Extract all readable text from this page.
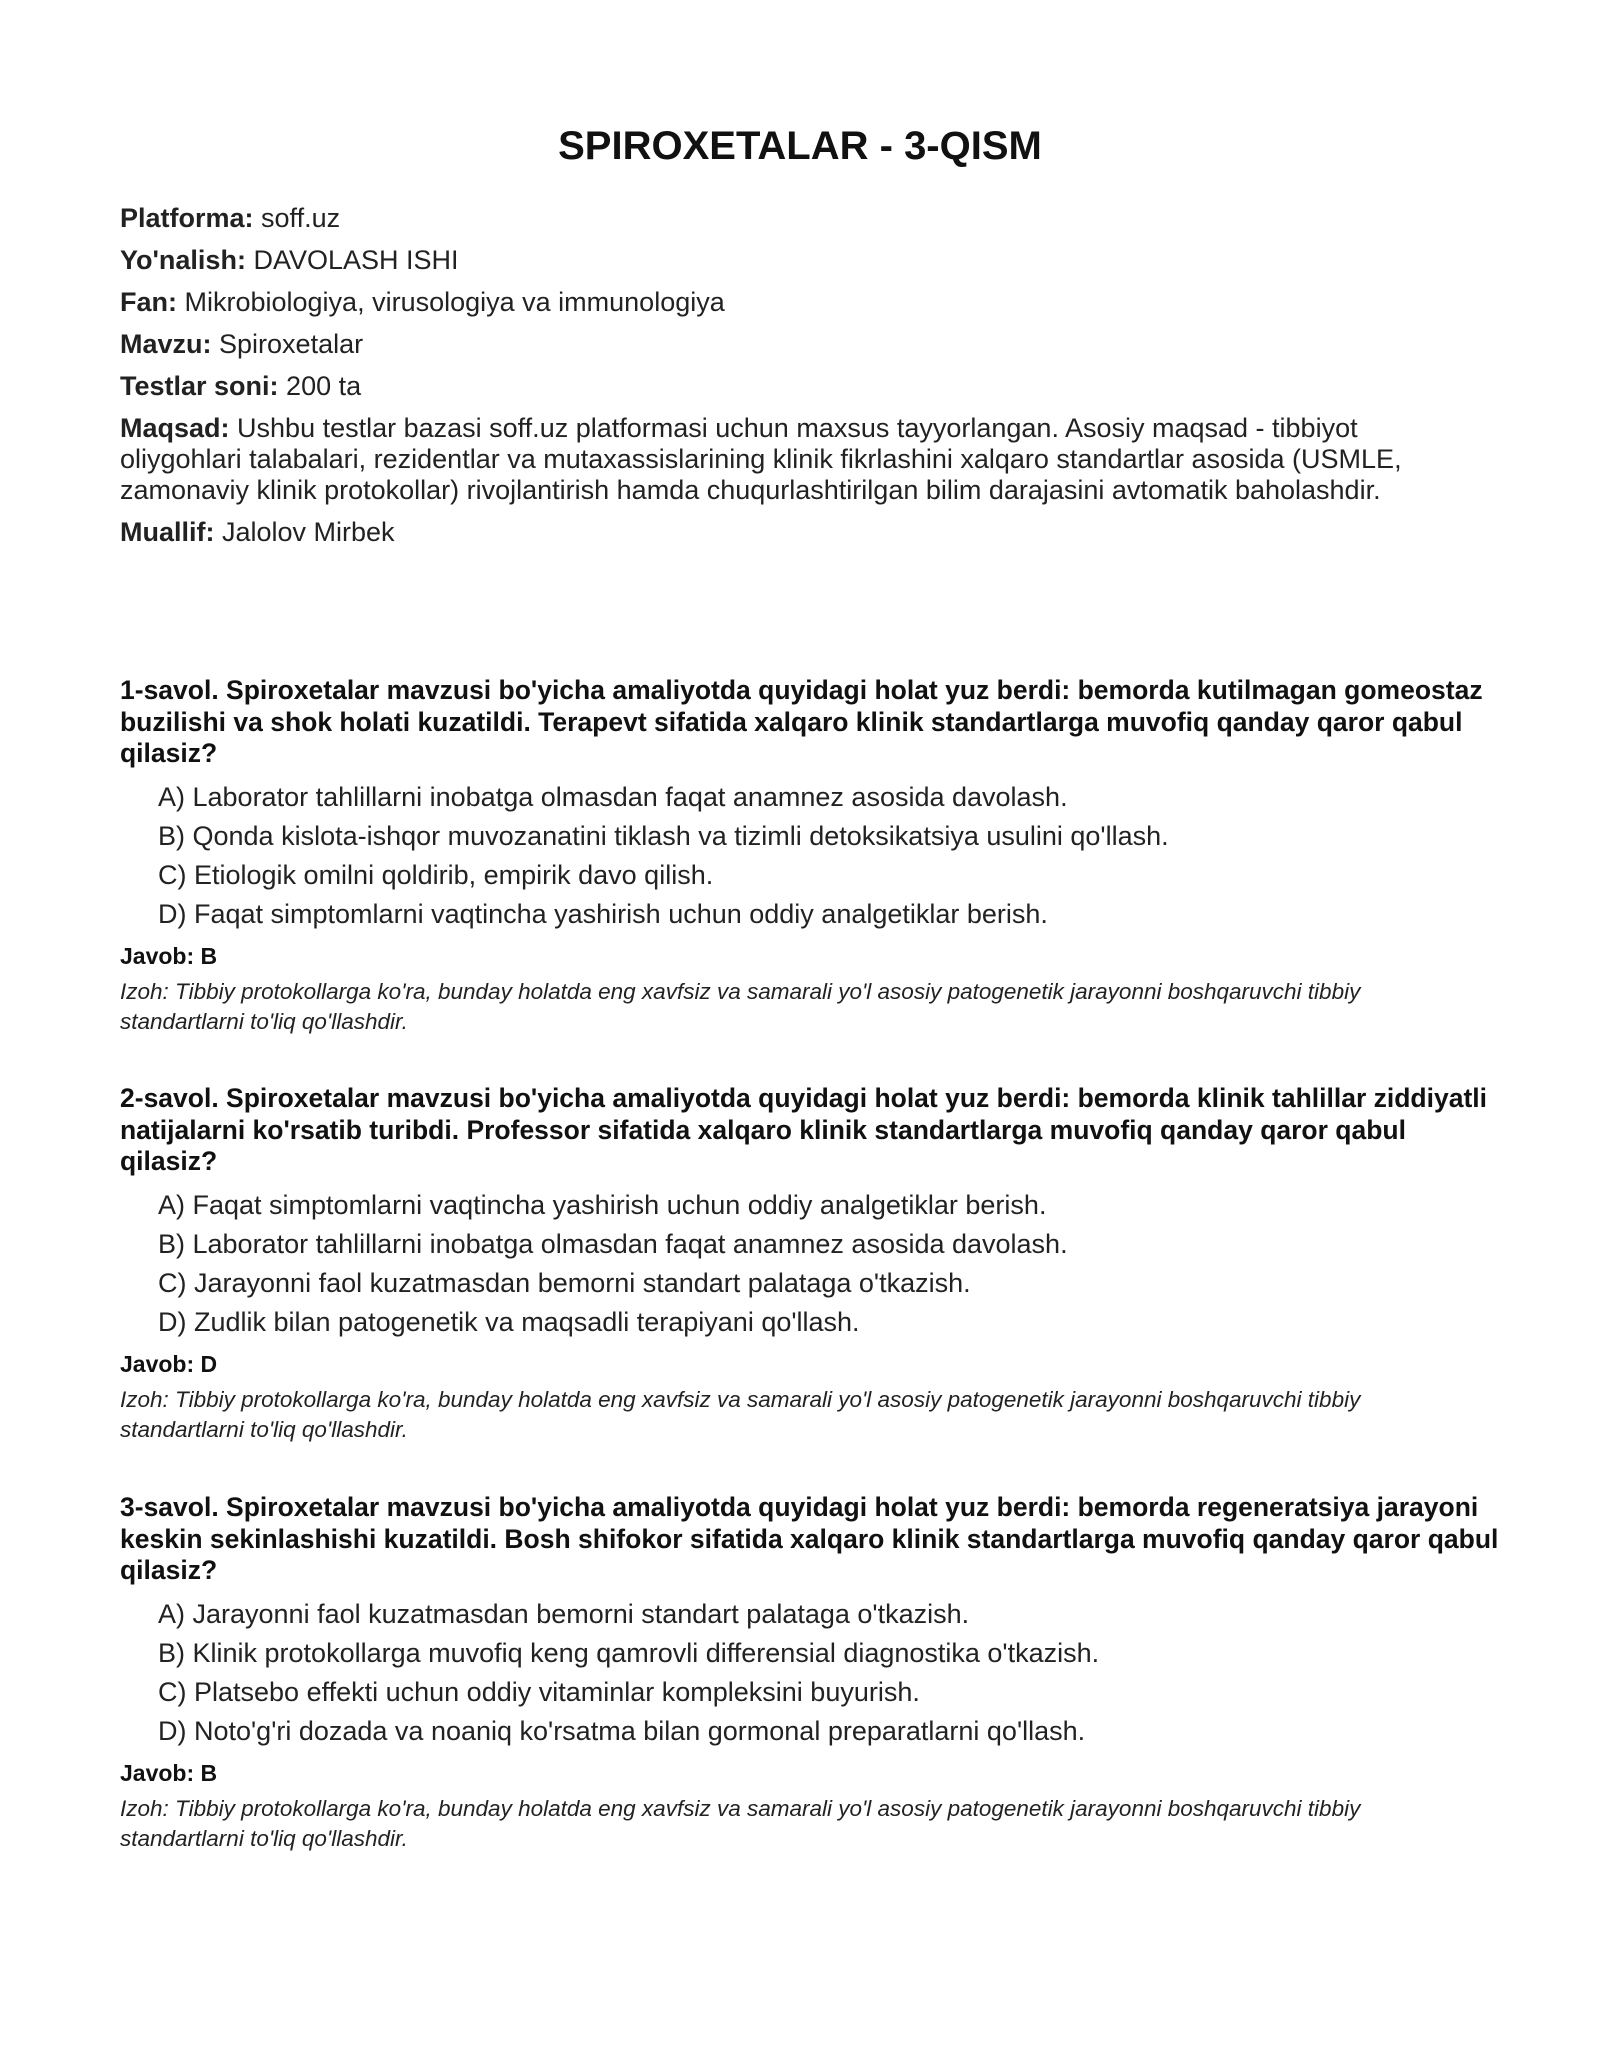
SPIROXETALAR - 3-QISM

Platforma: soff.uz

Yo'nalish: DAVOLASH ISHI

Fan: Mikrobiologiya, virusologiya va immunologiya

Mavzu: Spiroxetalar

Testlar soni: 200 ta

Maqsad: Ushbu testlar bazasi soff.uz platformasi uchun maxsus tayyorlangan. Asosiy maqsad - tibbiyot oliygohlari talabalari, rezidentlar va mutaxassislarining klinik fikrlashini xalqaro standartlar asosida (USMLE, zamonaviy klinik protokollar) rivojlantirish hamda chuqurlashtirilgan bilim darajasini avtomatik baholashdir.

Muallif: Jalolov Mirbek

1-savol. Spiroxetalar mavzusi bo'yicha amaliyotda quyidagi holat yuz berdi: bemorda kutilmagan gomeostaz buzilishi va shok holati kuzatildi. Terapevt sifatida xalqaro klinik standartlarga muvofiq qanday qaror qabul qilasiz?

A) Laborator tahlillarni inobatga olmasdan faqat anamnez asosida davolash.

B) Qonda kislota-ishqor muvozanatini tiklash va tizimli detoksikatsiya usulini qo'llash.

C) Etiologik omilni qoldirib, empirik davo qilish.

D) Faqat simptomlarni vaqtincha yashirish uchun oddiy analgetiklar berish.

Javob: B

Izoh: Tibbiy protokollarga ko'ra, bunday holatda eng xavfsiz va samarali yo'l asosiy patogenetik jarayonni boshqaruvchi tibbiy standartlarni to'liq qo'llashdir.

2-savol. Spiroxetalar mavzusi bo'yicha amaliyotda quyidagi holat yuz berdi: bemorda klinik tahlillar ziddiyatli natijalarni ko'rsatib turibdi. Professor sifatida xalqaro klinik standartlarga muvofiq qanday qaror qabul qilasiz?

A) Faqat simptomlarni vaqtincha yashirish uchun oddiy analgetiklar berish.

B) Laborator tahlillarni inobatga olmasdan faqat anamnez asosida davolash.

C) Jarayonni faol kuzatmasdan bemorni standart palataga o'tkazish.

D) Zudlik bilan patogenetik va maqsadli terapiyani qo'llash.

Javob: D

Izoh: Tibbiy protokollarga ko'ra, bunday holatda eng xavfsiz va samarali yo'l asosiy patogenetik jarayonni boshqaruvchi tibbiy standartlarni to'liq qo'llashdir.

3-savol. Spiroxetalar mavzusi bo'yicha amaliyotda quyidagi holat yuz berdi: bemorda regeneratsiya jarayoni keskin sekinlashishi kuzatildi. Bosh shifokor sifatida xalqaro klinik standartlarga muvofiq qanday qaror qabul qilasiz?

A) Jarayonni faol kuzatmasdan bemorni standart palataga o'tkazish.

B) Klinik protokollarga muvofiq keng qamrovli differensial diagnostika o'tkazish.

C) Platsebo effekti uchun oddiy vitaminlar kompleksini buyurish.

D) Noto'g'ri dozada va noaniq ko'rsatma bilan gormonal preparatlarni qo'llash.

Javob: B

Izoh: Tibbiy protokollarga ko'ra, bunday holatda eng xavfsiz va samarali yo'l asosiy patogenetik jarayonni boshqaruvchi tibbiy standartlarni to'liq qo'llashdir.
